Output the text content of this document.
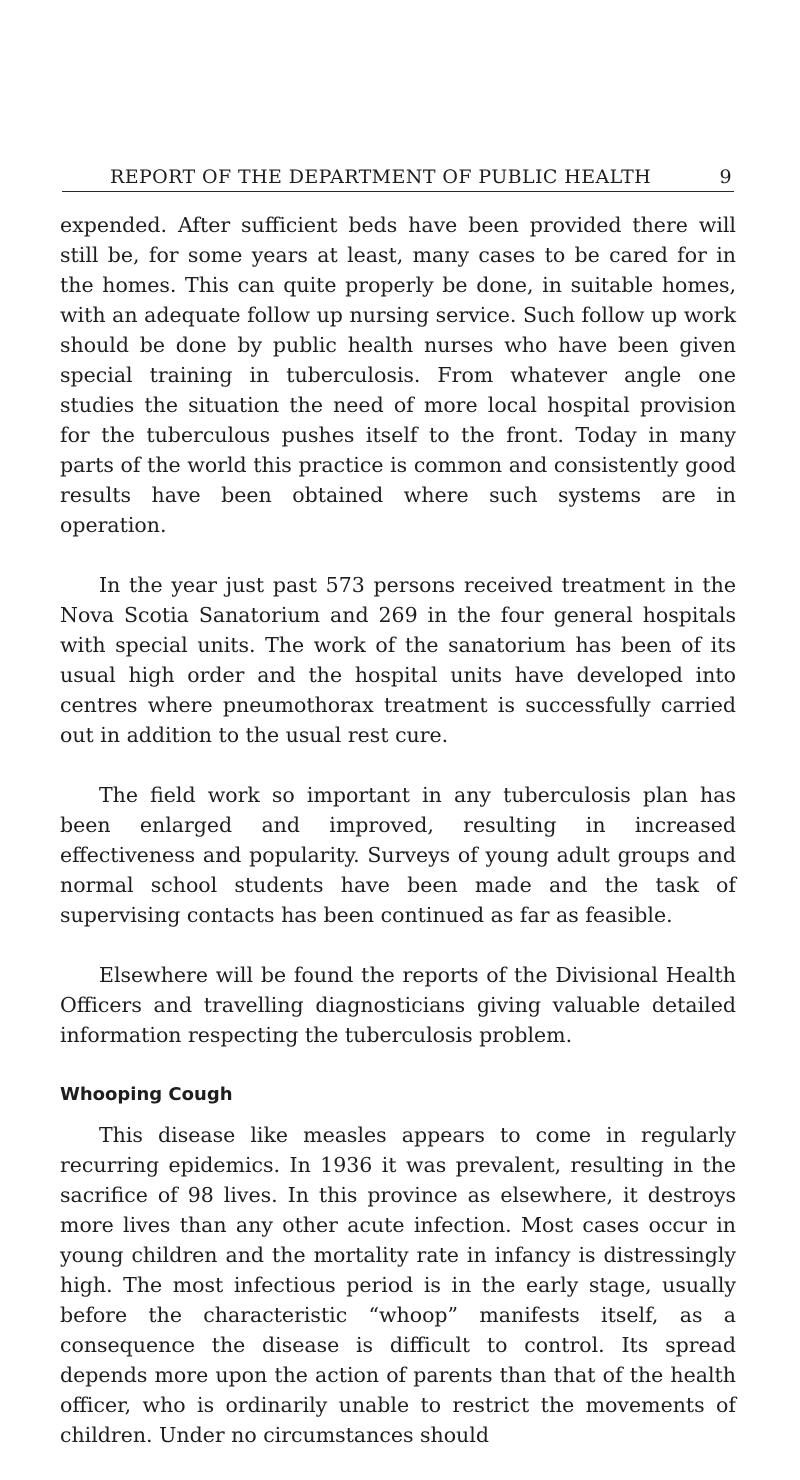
REPORT OF THE DEPARTMENT OF PUBLIC HEALTH	9

expended. After sufficient beds have been provided there will still be, for some years at least, many cases to be cared for in the homes. This can quite properly be done, in suitable homes, with an adequate follow up nursing service. Such follow up work should be done by public health nurses who have been given special training in tuberculosis. From whatever angle one studies the situation the need of more local hospital provision for the tuberculous pushes itself to the front. Today in many parts of the world this practice is common and consistently good results have been obtained where such systems are in operation.

In the year just past 573 persons received treatment in the Nova Scotia Sanatorium and 269 in the four general hospitals with special units. The work of the sanatorium has been of its usual high order and the hospital units have developed into centres where pneumothorax treatment is successfully carried out in addition to the usual rest cure.

The field work so important in any tuberculosis plan has been enlarged and improved, resulting in increased effectiveness and popularity. Surveys of young adult groups and normal school students have been made and the task of supervising contacts has been continued as far as feasible.

Elsewhere will be found the reports of the Divisional Health Officers and travelling diagnosticians giving valuable detailed information respecting the tuberculosis problem.

Whooping Cough

This disease like measles appears to come in regularly recurring epidemics. In 1936 it was prevalent, resulting in the sacrifice of 98 lives. In this province as elsewhere, it destroys more lives than any other acute infection. Most cases occur in young children and the mortality rate in infancy is distressingly high. The most infectious period is in the early stage, usually before the characteristic “whoop” manifests itself, as a consequence the disease is difficult to control. Its spread depends more upon the action of parents than that of the health officer, who is ordinarily unable to restrict the movements of children. Under no circumstances should
